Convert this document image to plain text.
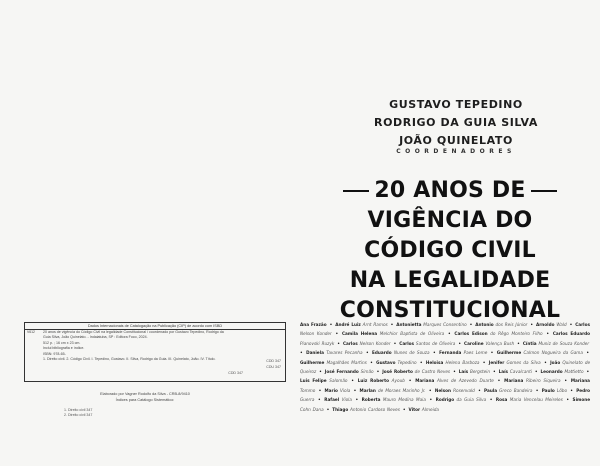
Dados Internacionais de Catalogação na Publicação (CIP) de acordo com ISBD
V612	20 anos de vigência do Código Civil na legalidade Constitucional / coordenado por Gustavo Tepedino, Rodrigo da
Guia Silva, João Quinelato. - Indaiatuba, SP : Editora Foco, 2024.
512 p. ; 16 cm x 23 cm.
Inclui bibliografia e índice.
ISBN: 978-65-
1. Direito civil. 2. Código Civil. I. Tepedino, Gustavo. II. Silva, Rodrigo da Guia. III. Quinelato, João. IV. Título.	CDD 347
CDU 347
CDD 347
Elaborado por Vagner Rodolfo da Silva - CRB-8/9410
Índices para Catálogo Sistemático:
1. Direito civil 347
2. Direito civil 347
GUSTAVO TEPEDINO
RODRIGO DA GUIA SILVA
JOÃO QUINELATO
COORDENADORES
20 ANOS DE
VIGÊNCIA DO
CÓDIGO CIVIL
NA LEGALIDADE
CONSTITUCIONAL
Ana Frazão • André Luiz Arnt Ramos • Antonietta Marques Consentino • Antonio dos Reis Júnior • Arnoldo Wald • Carlos Nelson Konder • Camila Helena Melchior Baptista de Oliveira • Carlos Edison do Rêgo Monteiro Filho • Carlos Eduardo Pianovski Ruzyk • Carlos Nelson Konder • Carlos Santos de Oliveira • Caroline Valença Bush • Cíntia Muniz de Souza Konder • Daniela Tavares Pecanha • Eduardo Nunes de Souza • Fernanda Paes Leme • Guilherme Calmon Nogueira da Gama • Guilherme Magalhães Martins • Gustavo Tepedino • Heloisa Helena Barboza • Jenifer Gomes da Silva • João Quinelato de Queiroz • José Fernando Simão • José Roberto de Castro Neves • Laís Bergstein • Laís Cavalcanti • Leonardo Mattietto • Luis Felipe Salomão • Luiz Roberto Ayoub • Mariana Alves de Azevedo Duarte • Mariana Ribeiro Siqueira • Mariana Tommo • Mario Viola • Marlan de Moraes Marinho Jr. • Nelson Rosenvald • Paula Greco Bandeira • Paulo Lôbo • Pedro Guerra • Rafael Viola • Roberta Mauro Medina Maia • Rodrigo da Guia Silva • Rosa Maria Vencelau Meireles • Simone Cohn Dana • Thiago Antonio Cardoso Neves • Vitor Almeida
